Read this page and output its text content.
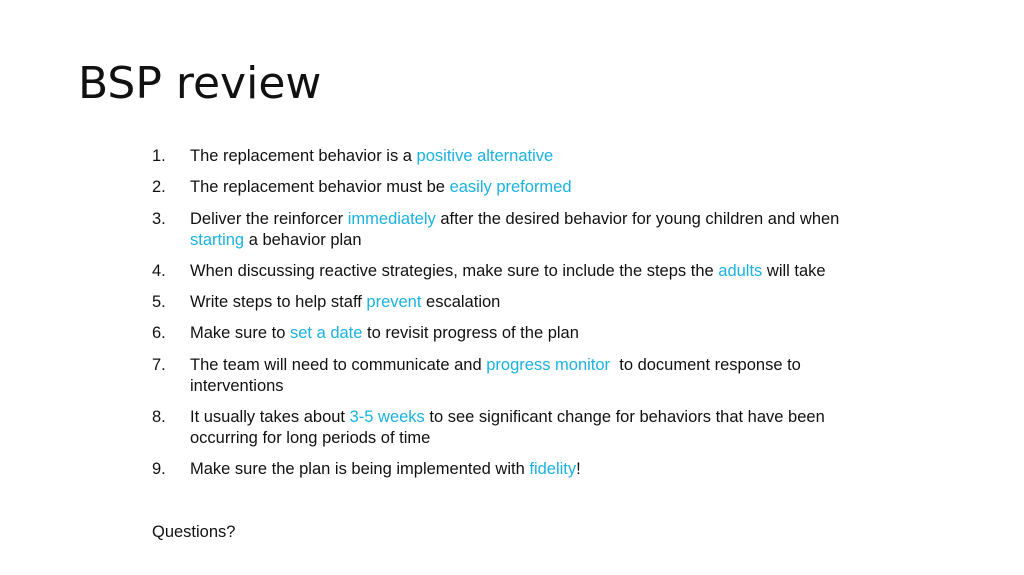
BSP review
1. The replacement behavior is a positive alternative
2. The replacement behavior must be easily preformed
3. Deliver the reinforcer immediately after the desired behavior for young children and when starting a behavior plan
4. When discussing reactive strategies, make sure to include the steps the adults will take
5. Write steps to help staff prevent escalation
6. Make sure to set a date to revisit progress of the plan
7. The team will need to communicate and progress monitor  to document response to interventions
8. It usually takes about 3-5 weeks to see significant change for behaviors that have been occurring for long periods of time
9. Make sure the plan is being implemented with fidelity!

Questions?
